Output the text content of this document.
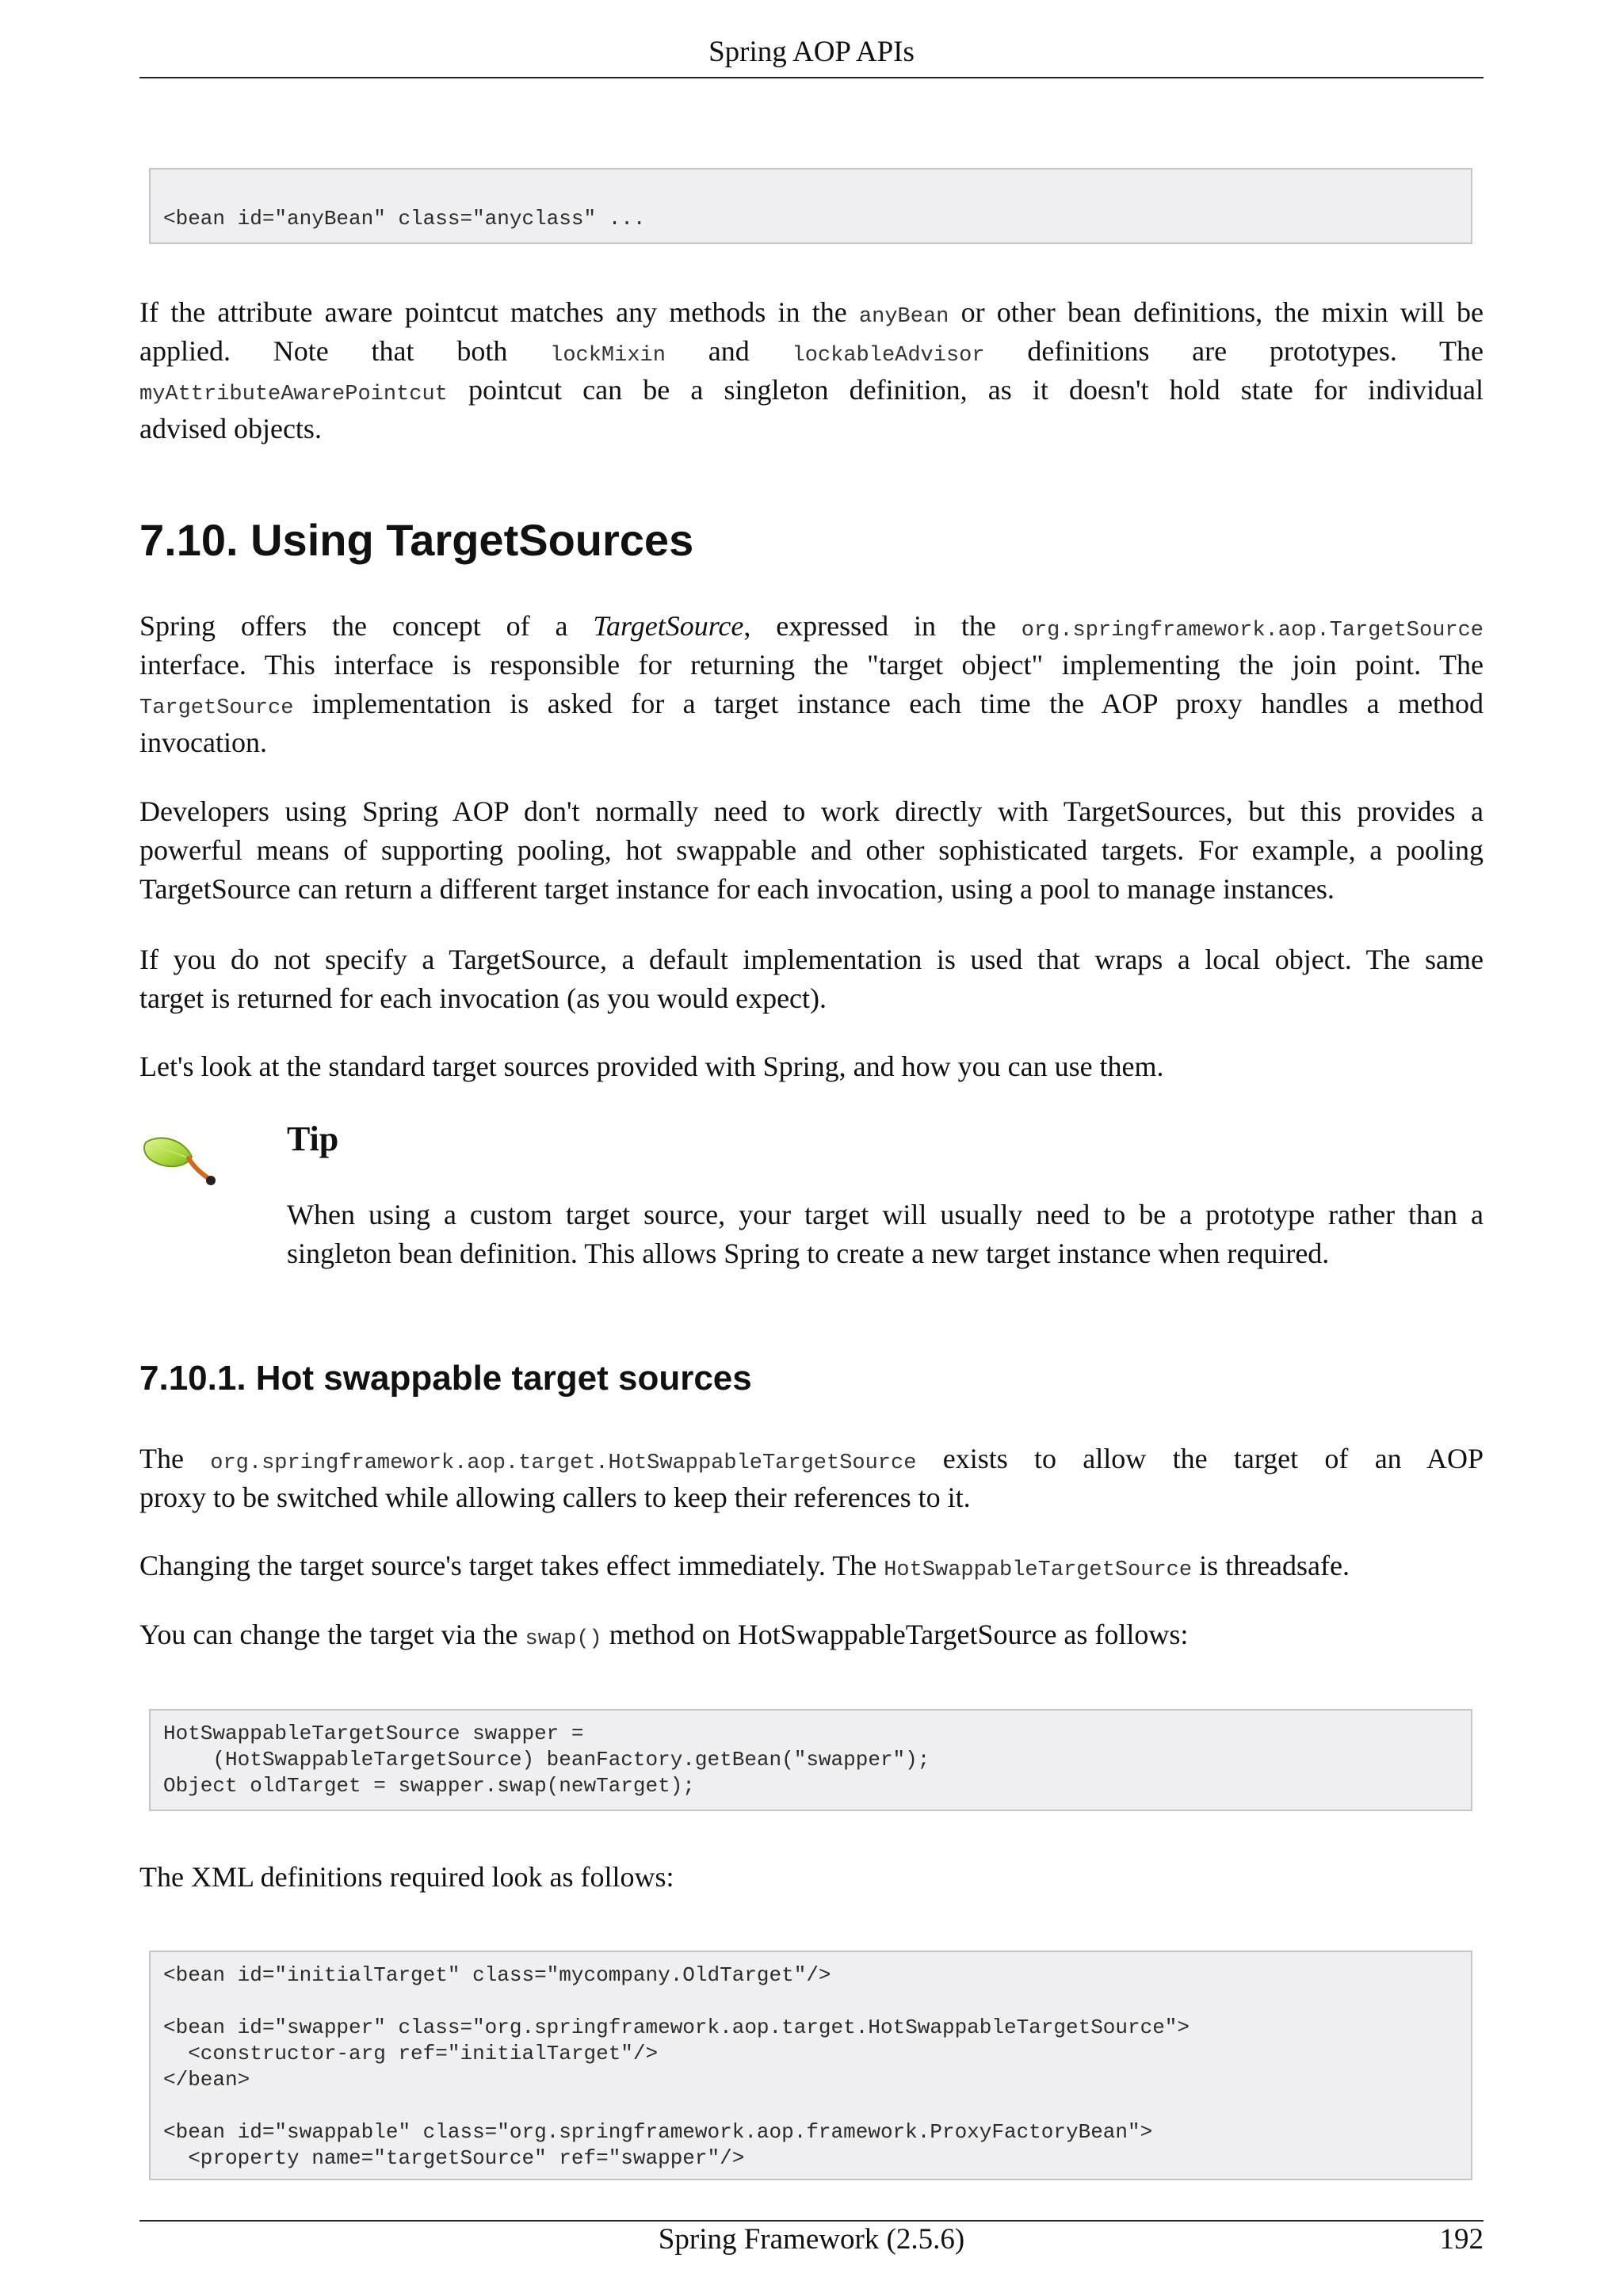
Spring AOP APIs
<bean id="anyBean" class="anyclass" ...
If the attribute aware pointcut matches any methods in the anyBean or other bean definitions, the mixin will be
applied. Note that both lockMixin and lockableAdvisor definitions are prototypes. The
myAttributeAwarePointcut pointcut can be a singleton definition, as it doesn't hold state for individual
advised objects.
7.10. Using TargetSources
Spring offers the concept of a TargetSource, expressed in the org.springframework.aop.TargetSource
interface. This interface is responsible for returning the "target object" implementing the join point. The
TargetSource implementation is asked for a target instance each time the AOP proxy handles a method
invocation.
Developers using Spring AOP don't normally need to work directly with TargetSources, but this provides a
powerful means of supporting pooling, hot swappable and other sophisticated targets. For example, a pooling
TargetSource can return a different target instance for each invocation, using a pool to manage instances.
If you do not specify a TargetSource, a default implementation is used that wraps a local object. The same
target is returned for each invocation (as you would expect).
Let's look at the standard target sources provided with Spring, and how you can use them.
Tip
When using a custom target source, your target will usually need to be a prototype rather than a
singleton bean definition. This allows Spring to create a new target instance when required.
7.10.1. Hot swappable target sources
The org.springframework.aop.target.HotSwappableTargetSource exists to allow the target of an AOP
proxy to be switched while allowing callers to keep their references to it.
Changing the target source's target takes effect immediately. The HotSwappableTargetSource is threadsafe.
You can change the target via the swap() method on HotSwappableTargetSource as follows:
HotSwappableTargetSource swapper =
(HotSwappableTargetSource) beanFactory.getBean("swapper");
Object oldTarget = swapper.swap(newTarget);
The XML definitions required look as follows:
<bean id="initialTarget" class="mycompany.OldTarget"/>

<bean id="swapper" class="org.springframework.aop.target.HotSwappableTargetSource">
<constructor-arg ref="initialTarget"/>
</bean>

<bean id="swappable" class="org.springframework.aop.framework.ProxyFactoryBean">
<property name="targetSource" ref="swapper"/>
Spring Framework (2.5.6)	192
